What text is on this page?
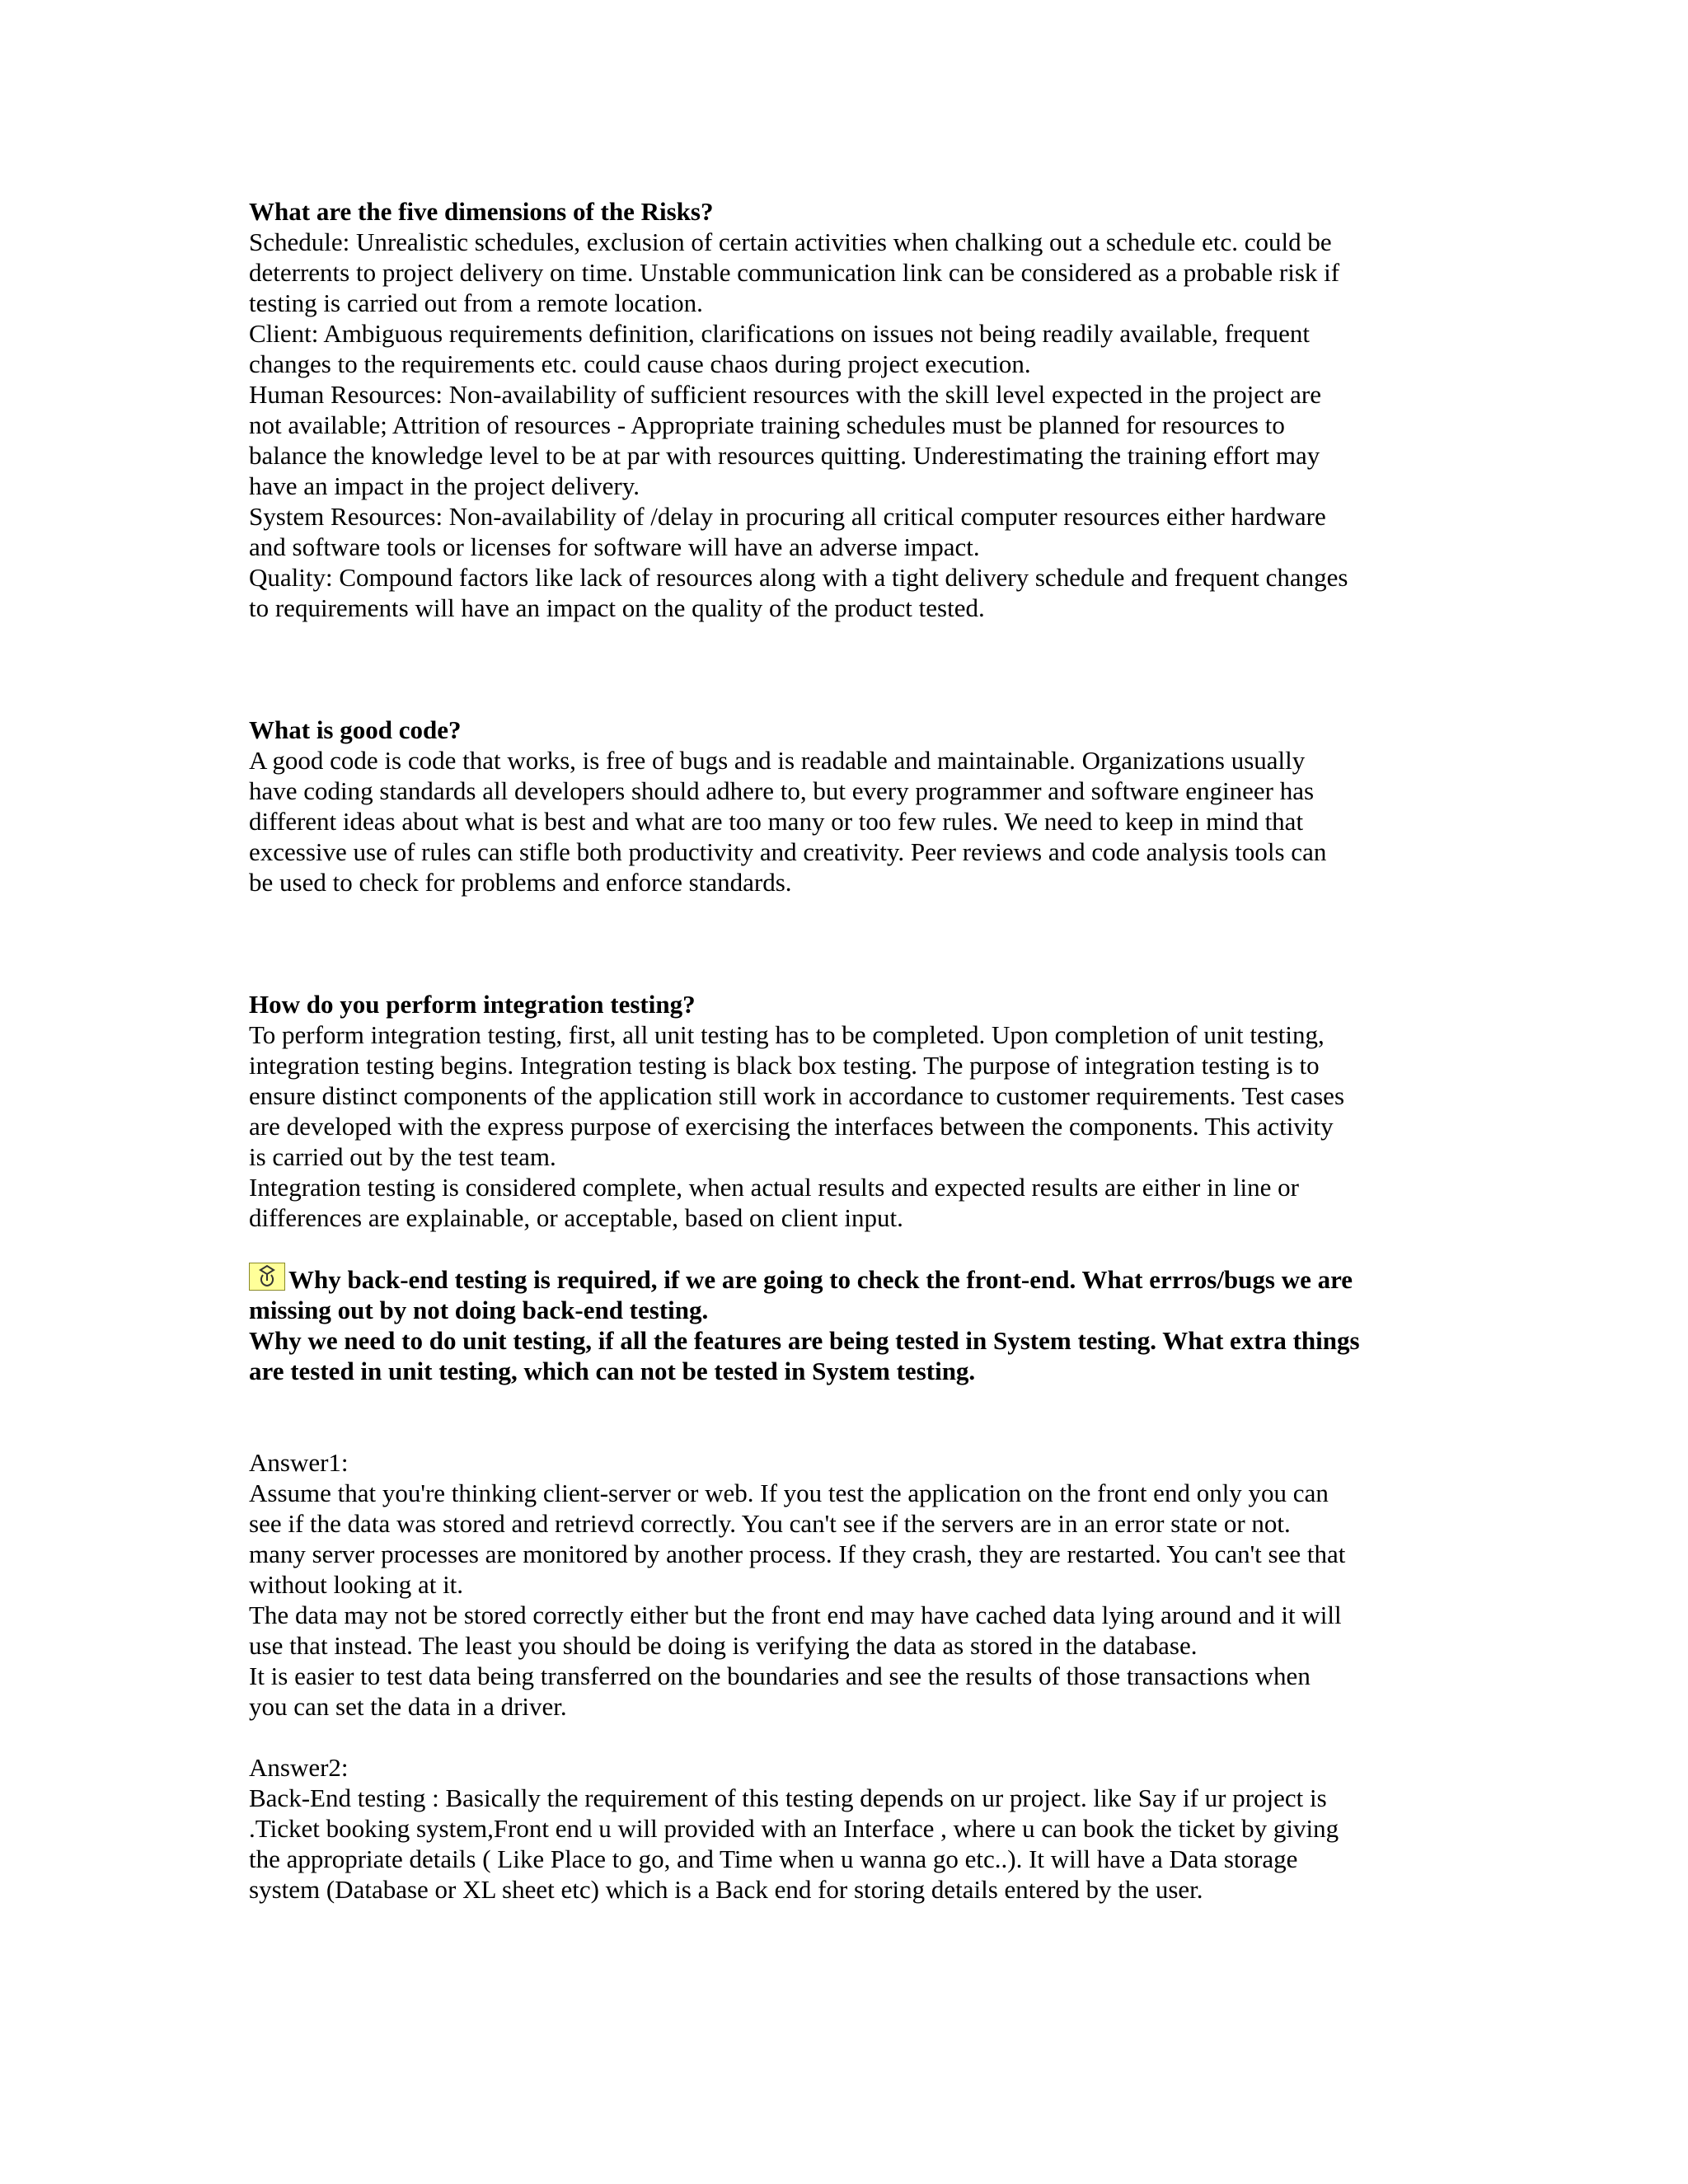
What are the five dimensions of the Risks?
Schedule: Unrealistic schedules, exclusion of certain activities when chalking out a schedule etc. could be
deterrents to project delivery on time. Unstable communication link can be considered as a probable risk if
testing is carried out from a remote location.
Client: Ambiguous requirements definition, clarifications on issues not being readily available, frequent
changes to the requirements etc. could cause chaos during project execution.
Human Resources: Non-availability of sufficient resources with the skill level expected in the project are
not available; Attrition of resources - Appropriate training schedules must be planned for resources to
balance the knowledge level to be at par with resources quitting. Underestimating the training effort may
have an impact in the project delivery.
System Resources: Non-availability of /delay in procuring all critical computer resources either hardware
and software tools or licenses for software will have an adverse impact.
Quality: Compound factors like lack of resources along with a tight delivery schedule and frequent changes
to requirements will have an impact on the quality of the product tested.
What is good code?
A good code is code that works, is free of bugs and is readable and maintainable. Organizations usually
have coding standards all developers should adhere to, but every programmer and software engineer has
different ideas about what is best and what are too many or too few rules. We need to keep in mind that
excessive use of rules can stifle both productivity and creativity. Peer reviews and code analysis tools can
be used to check for problems and enforce standards.
How do you perform integration testing?
To perform integration testing, first, all unit testing has to be completed. Upon completion of unit testing,
integration testing begins. Integration testing is black box testing. The purpose of integration testing is to
ensure distinct components of the application still work in accordance to customer requirements. Test cases
are developed with the express purpose of exercising the interfaces between the components. This activity
is carried out by the test team.
Integration testing is considered complete, when actual results and expected results are either in line or
differences are explainable, or acceptable, based on client input.
Why back-end testing is required, if we are going to check the front-end. What errros/bugs we are
missing out by not doing back-end testing.
Why we need to do unit testing, if all the features are being tested in System testing. What extra things
are tested in unit testing, which can not be tested in System testing.
Answer1:
Assume that you're thinking client-server or web. If you test the application on the front end only you can
see if the data was stored and retrievd correctly. You can't see if the servers are in an error state or not.
many server processes are monitored by another process. If they crash, they are restarted. You can't see that
without looking at it.
The data may not be stored correctly either but the front end may have cached data lying around and it will
use that instead. The least you should be doing is verifying the data as stored in the database.
It is easier to test data being transferred on the boundaries and see the results of those transactions when
you can set the data in a driver.
Answer2:
Back-End testing : Basically the requirement of this testing depends on ur project. like Say if ur project is
.Ticket booking system,Front end u will provided with an Interface , where u can book the ticket by giving
the appropriate details ( Like Place to go, and Time when u wanna go etc..). It will have a Data storage
system (Database or XL sheet etc) which is a Back end for storing details entered by the user.
